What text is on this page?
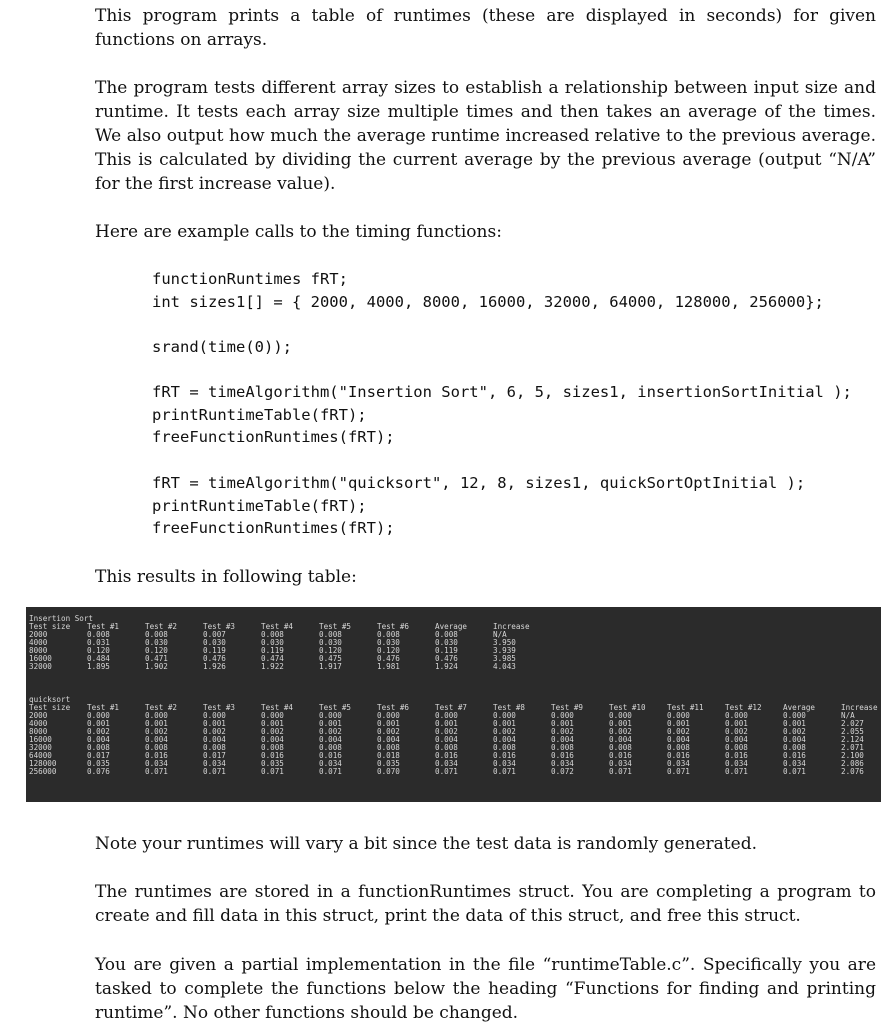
This program prints a table of runtimes (these are displayed in seconds) for given functions on arrays.

The program tests different array sizes to establish a relationship between input size and runtime. It tests each array size multiple times and then takes an average of the times. We also output how much the average runtime increased relative to the previous average. This is calculated by dividing the current average by the previous average (output “N/A” for the first increase value).

Here are example calls to the timing functions:

functionRuntimes fRT;
int sizes1[] = { 2000, 4000, 8000, 16000, 32000, 64000, 128000, 256000};
srand(time(0));
fRT = timeAlgorithm("Insertion Sort", 6, 5, sizes1, insertionSortInitial );
printRuntimeTable(fRT);
freeFunctionRuntimes(fRT);
fRT = timeAlgorithm("quicksort", 12, 8, sizes1, quickSortOptInitial );
printRuntimeTable(fRT);
freeFunctionRuntimes(fRT);

This results in following table:

Insertion Sort
quicksort
Test size Test #1	Test #2	Test #3	Test #4	Test #5	Test #6	Average	Increase
2000	0.008	0.008	0.007	0.008	0.008	0.008	0.008	N/A
4000	0.031	0.030	0.030	0.030	0.030	0.030	0.030	3.950
8000	0.120	0.120	0.119	0.119	0.120	0.120	0.119	3.939
16000	0.484	0.471	0.476	0.474	0.475	0.476	0.476	3.985
32000	1.895	1.902	1.926	1.922	1.917	1.981	1.924	4.043
Test size Test #1	Test #2	Test #3	Test #4	Test #5	Test #6	Test #7	Test #8	Test #9	Test #10	Test #11	Test #12	Average	Increase
2000	0.000	0.000	0.000	0.000	0.000	0.000	0.000	0.000	0.000	0.000	0.000	0.000	0.000	N/A
4000	0.001	0.001	0.001	0.001	0.001	0.001	0.001	0.001	0.001	0.001	0.001	0.001	0.001	2.027
8000	0.002	0.002	0.002	0.002	0.002	0.002	0.002	0.002	0.002	0.002	0.002	0.002	0.002	2.055
16000	0.004	0.004	0.004	0.004	0.004	0.004	0.004	0.004	0.004	0.004	0.004	0.004	0.004	2.124
32000	0.008	0.008	0.008	0.008	0.008	0.008	0.008	0.008	0.008	0.008	0.008	0.008	0.008	2.071
64000	0.017	0.016	0.017	0.016	0.016	0.018	0.016	0.016	0.016	0.016	0.016	0.016	0.016	2.100
128000	0.035	0.034	0.034	0.035	0.034	0.035	0.034	0.034	0.034	0.034	0.034	0.034	0.034	2.086
256000	0.076	0.071	0.071	0.071	0.071	0.070	0.071	0.071	0.072	0.071	0.071	0.071	0.071	2.076

Note your runtimes will vary a bit since the test data is randomly generated.

The runtimes are stored in a functionRuntimes struct. You are completing a program to create and fill data in this struct, print the data of this struct, and free this struct.

You are given a partial implementation in the file “runtimeTable.c”. Specifically you are tasked to complete the functions below the heading “Functions for finding and printing runtime”. No other functions should be changed.
